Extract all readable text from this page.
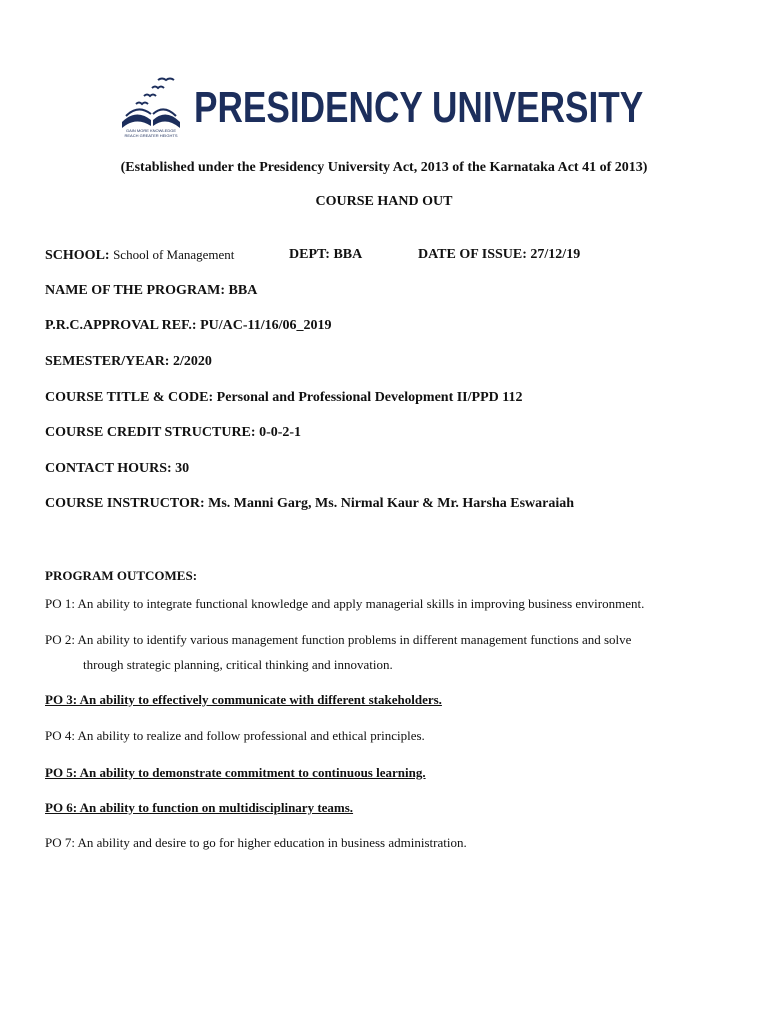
GAIN MORE KNOWLEDGE REACH GREATER HEIGHTS
PRESIDENCY UNIVERSITY
(Established under the Presidency University Act, 2013 of the Karnataka Act 41 of 2013)
COURSE HAND OUT
SCHOOL: School of Management	DEPT: BBA	DATE OF ISSUE: 27/12/19
NAME OF THE PROGRAM: BBA
P.R.C.APPROVAL REF.: PU/AC-11/16/06_2019
SEMESTER/YEAR: 2/2020
COURSE TITLE & CODE: Personal and Professional Development II/PPD 112
COURSE CREDIT STRUCTURE: 0-0-2-1
CONTACT HOURS: 30
COURSE INSTRUCTOR: Ms. Manni Garg, Ms. Nirmal Kaur & Mr. Harsha Eswaraiah
PROGRAM OUTCOMES:
PO 1: An ability to integrate functional knowledge and apply managerial skills in improving business environment.
PO 2: An ability to identify various management function problems in different management functions and solve
through strategic planning, critical thinking and innovation.
PO 3: An ability to effectively communicate with different stakeholders.
PO 4: An ability to realize and follow professional and ethical principles.
PO 5: An ability to demonstrate commitment to continuous learning.
PO 6: An ability to function on multidisciplinary teams.
PO 7: An ability and desire to go for higher education in business administration.
